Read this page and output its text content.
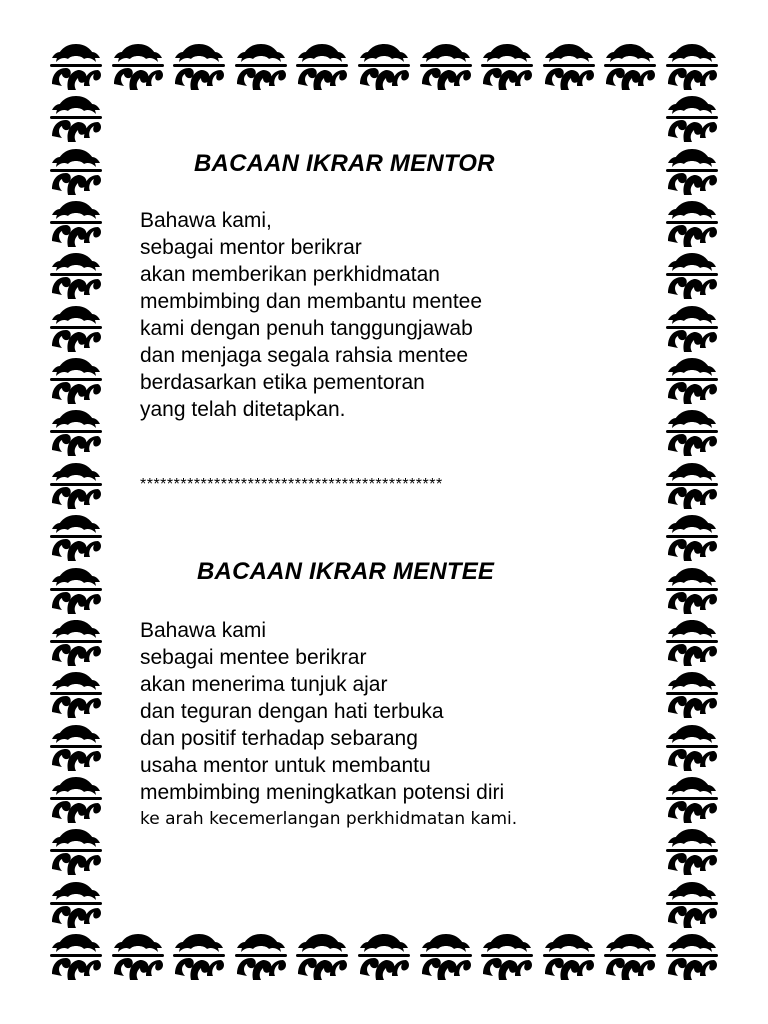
BACAAN IKRAR MENTOR
Bahawa kami,
sebagai mentor berikrar
akan memberikan perkhidmatan
membimbing dan membantu mentee
kami dengan penuh tanggungjawab
dan menjaga segala rahsia mentee
berdasarkan etika pementoran
yang telah ditetapkan.
*********************************************
BACAAN IKRAR MENTEE
Bahawa kami
sebagai mentee berikrar
akan menerima tunjuk ajar
dan teguran dengan hati terbuka
dan positif terhadap sebarang
usaha mentor untuk membantu
membimbing meningkatkan potensi diri
ke arah kecemerlangan perkhidmatan kami.
